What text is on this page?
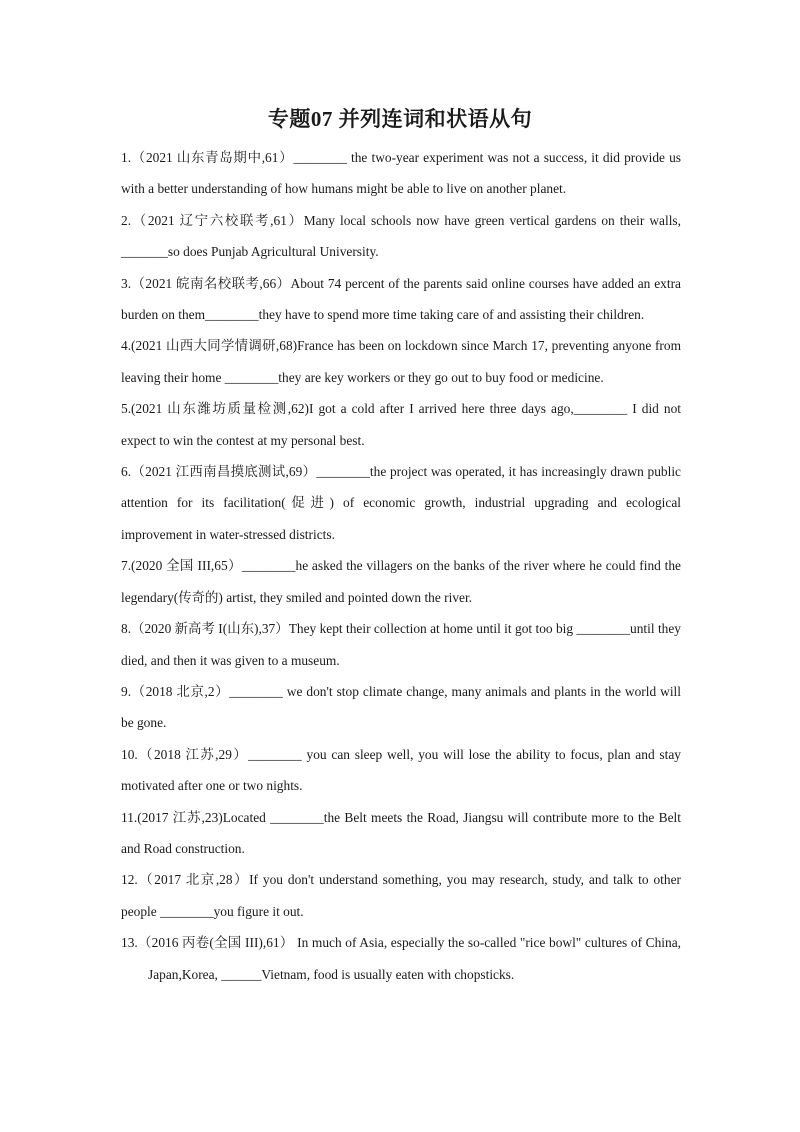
专题07 并列连词和状语从句

1.（2021 山东青岛期中,61）________ the two-year experiment was not a success, it did provide us with a better understanding of how humans might be able to live on another planet.

2.（2021 辽宁六校联考,61）Many local schools now have green vertical gardens on their walls, _______so does Punjab Agricultural University.

3.（2021 皖南名校联考,66）About 74 percent of the parents said online courses have added an extra burden on them________they have to spend more time taking care of and assisting their children.

4.(2021 山西大同学情调研,68)France has been on lockdown since March 17, preventing anyone from leaving their home ________they are key workers or they go out to buy food or medicine.

5.(2021 山东潍坊质量检测,62)I got a cold after I arrived here three days ago,________ I did not expect to win the contest at my personal best.

6.（2021 江西南昌摸底测试,69）________the project was operated, it has increasingly drawn public attention for its facilitation(促进) of economic growth, industrial upgrading and ecological improvement in water-stressed districts.

7.(2020 全国 III,65）________he asked the villagers on the banks of the river where he could find the legendary(传奇的) artist, they smiled and pointed down the river.

8.（2020 新高考 I(山东),37）They kept their collection at home until it got too big ________until they died, and then it was given to a museum.

9.（2018 北京,2）________ we don't stop climate change, many animals and plants in the world will be gone.

10.（2018 江苏,29）________ you can sleep well, you will lose the ability to focus, plan and stay motivated after one or two nights.

11.(2017 江苏,23)Located ________the Belt meets the Road, Jiangsu will contribute more to the Belt and Road construction.

12.（2017 北京,28）If you don't understand something, you may research, study, and talk to other people ________you figure it out.

13.（2016 丙卷(全国 III),61） In much of Asia, especially the so-called "rice bowl" cultures of China, Japan,Korea, ______Vietnam, food is usually eaten with chopsticks.
